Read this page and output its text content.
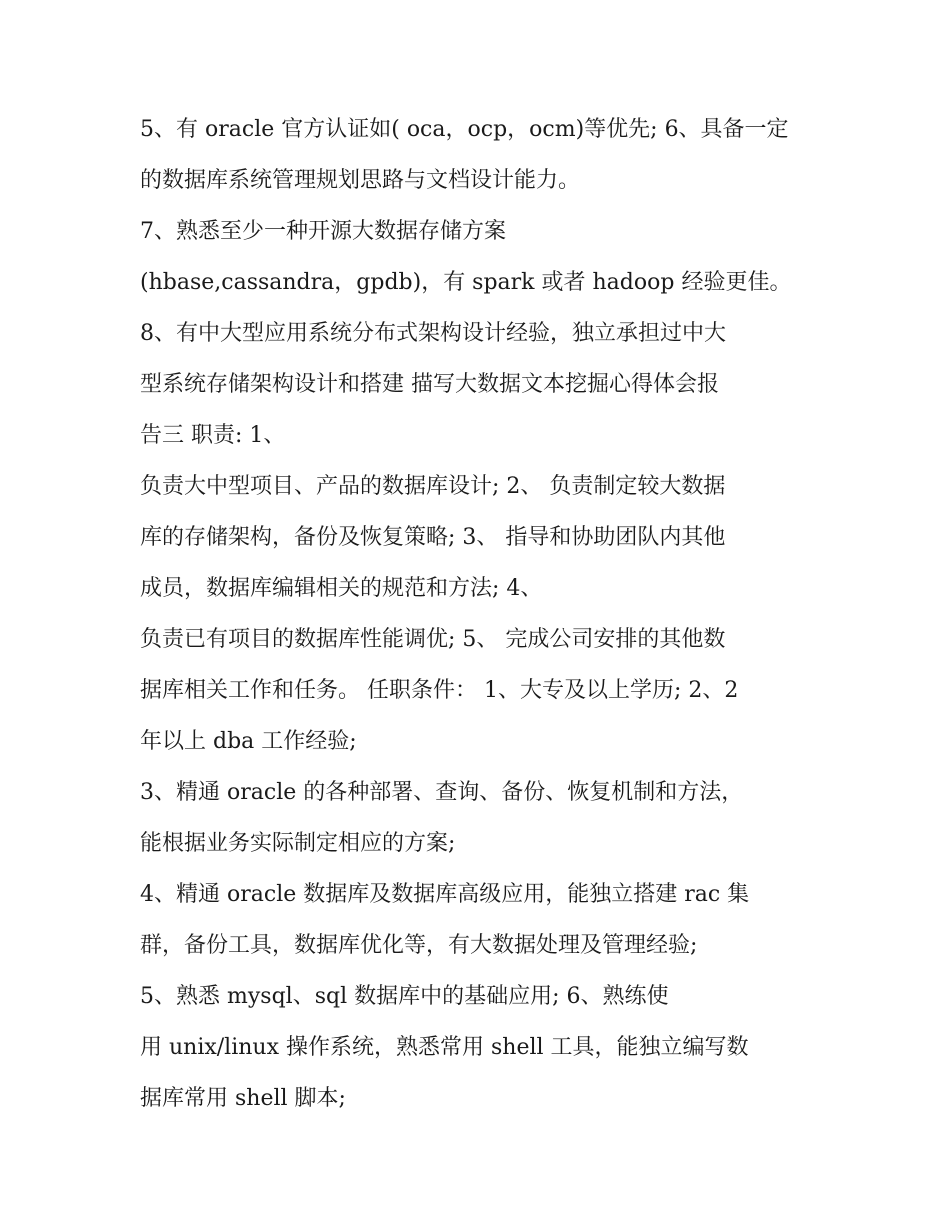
5、有 oracle 官方认证如( oca，ocp，ocm)等优先; 6、具备一定
的数据库系统管理规划思路与文档设计能力。
7、熟悉至少一种开源大数据存储方案
(hbase,cassandra，gpdb)，有 spark 或者 hadoop 经验更佳。
8、有中大型应用系统分布式架构设计经验，独立承担过中大
型系统存储架构设计和搭建 描写大数据文本挖掘心得体会报
告三 职责: 1、
负责大中型项目、产品的数据库设计; 2、 负责制定较大数据
库的存储架构，备份及恢复策略; 3、 指导和协助团队内其他
成员，数据库编辑相关的规范和方法; 4、
负责已有项目的数据库性能调优; 5、 完成公司安排的其他数
据库相关工作和任务。 任职条件： 1、大专及以上学历; 2、2
年以上 dba 工作经验;
3、精通 oracle 的各种部署、查询、备份、恢复机制和方法，
能根据业务实际制定相应的方案;
4、精通 oracle 数据库及数据库高级应用，能独立搭建 rac 集
群，备份工具，数据库优化等，有大数据处理及管理经验;
5、熟悉 mysql、sql 数据库中的基础应用; 6、熟练使
用 unix/linux 操作系统，熟悉常用 shell 工具，能独立编写数
据库常用 shell 脚本;
